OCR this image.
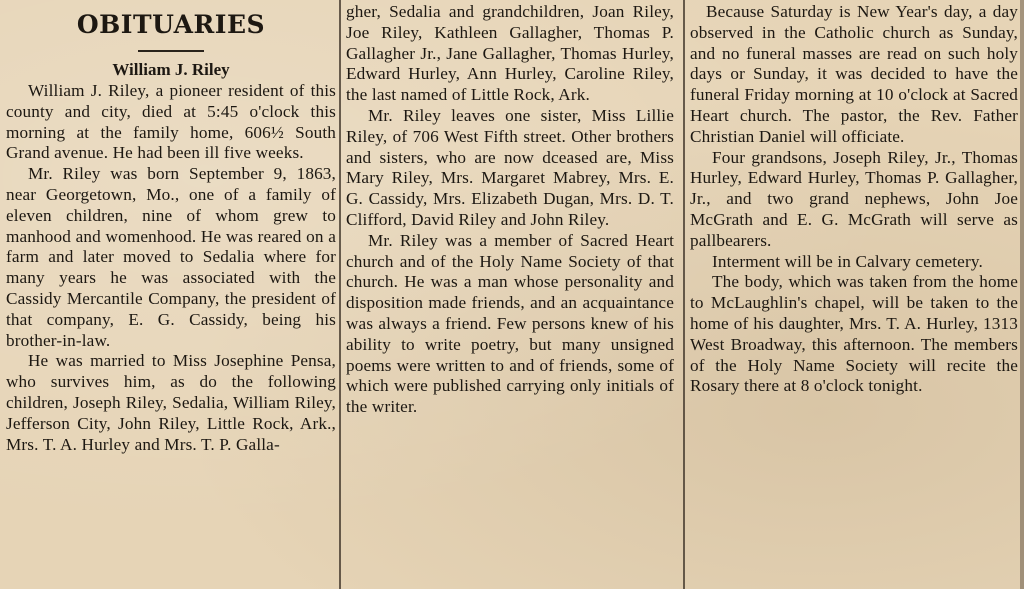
OBITUARIES
William J. Riley

William J. Riley, a pioneer resident of this county and city, died at 5:45 o'clock this morning at the family home, 606½ South Grand avenue. He had been ill five weeks.

Mr. Riley was born September 9, 1863, near Georgetown, Mo., one of a family of eleven children, nine of whom grew to manhood and womenhood. He was reared on a farm and later moved to Sedalia where for many years he was associated with the Cassidy Mercantile Company, the president of that company, E. G. Cassidy, being his brother-in-law.

He was married to Miss Josephine Pensa, who survives him, as do the following children, Joseph Riley, Sedalia, William Riley, Jefferson City, John Riley, Little Rock, Ark., Mrs. T. A. Hurley and Mrs. T. P. Galla-

gher, Sedalia and grandchildren, Joan Riley, Joe Riley, Kathleen Gallagher, Thomas P. Gallagher Jr., Jane Gallagher, Thomas Hurley, Edward Hurley, Ann Hurley, Caroline Riley, the last named of Little Rock, Ark.

Mr. Riley leaves one sister, Miss Lillie Riley, of 706 West Fifth street. Other brothers and sisters, who are now dceased are, Miss Mary Riley, Mrs. Margaret Mabrey, Mrs. E. G. Cassidy, Mrs. Elizabeth Dugan, Mrs. D. T. Clifford, David Riley and John Riley.

Mr. Riley was a member of Sacred Heart church and of the Holy Name Society of that church. He was a man whose personality and disposition made friends, and an acquaintance was always a friend. Few persons knew of his ability to write poetry, but many unsigned poems were written to and of friends, some of which were published carrying only initials of the writer.

Because Saturday is New Year's day, a day observed in the Catholic church as Sunday, and no funeral masses are read on such holy days or Sunday, it was decided to have the funeral Friday morning at 10 o'clock at Sacred Heart church. The pastor, the Rev. Father Christian Daniel will officiate.

Four grandsons, Joseph Riley, Jr., Thomas Hurley, Edward Hurley, Thomas P. Gallagher, Jr., and two grand nephews, John Joe McGrath and E. G. McGrath will serve as pallbearers.

Interment will be in Calvary cemetery.

The body, which was taken from the home to McLaughlin's chapel, will be taken to the home of his daughter, Mrs. T. A. Hurley, 1313 West Broadway, this afternoon. The members of the Holy Name Society will recite the Rosary there at 8 o'clock tonight.
